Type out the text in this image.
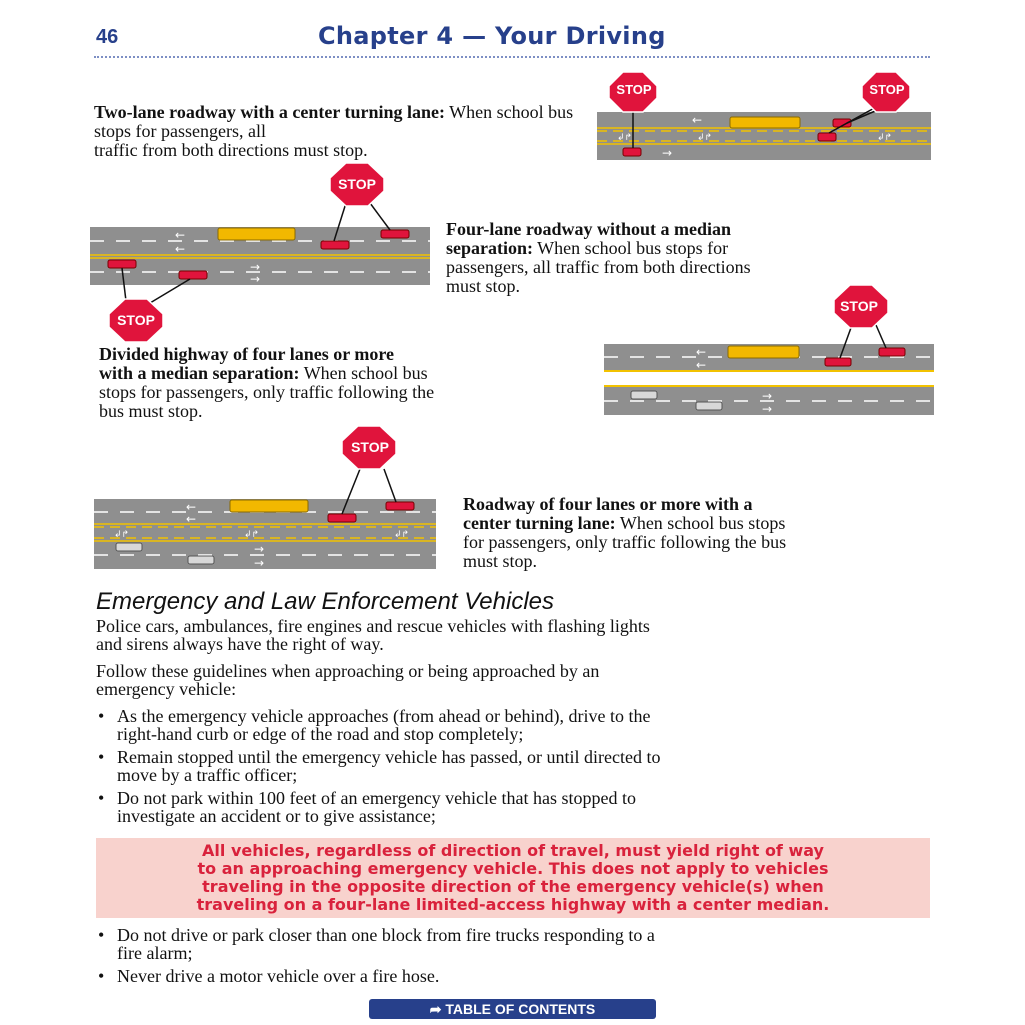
46	Chapter 4 — Your Driving
Two-lane roadway with a center turning lane: When school bus stops for passengers, all
traffic from both directions must stop.
←
→
↲↱	↲↱	↲↱
STOP	STOP
←
←
→
→
STOP
STOP
Four-lane roadway without a median
separation: When school bus stops for
passengers, all traffic from both directions
must stop.
Divided highway of four lanes or more
with a median separation: When school bus
stops for passengers, only traffic following the
bus must stop.
←
←
→
→
STOP
←
←
↲↱	↲↱	↲↱
→
→
STOP
Roadway of four lanes or more with a
center turning lane: When school bus stops
for passengers, only traffic following the bus
must stop.
Emergency and Law Enforcement Vehicles
Police cars, ambulances, fire engines and rescue vehicles with flashing lights
and sirens always have the right of way.
Follow these guidelines when approaching or being approached by an
emergency vehicle:
• As the emergency vehicle approaches (from ahead or behind), drive to the
right-hand curb or edge of the road and stop completely;
• Remain stopped until the emergency vehicle has passed, or until directed to
move by a traffic officer;
• Do not park within 100 feet of an emergency vehicle that has stopped to
investigate an accident or to give assistance;
All vehicles, regardless of direction of travel, must yield right of way
to an approaching emergency vehicle. This does not apply to vehicles
traveling in the opposite direction of the emergency vehicle(s) when
traveling on a four-lane limited-access highway with a center median.
• Do not drive or park closer than one block from fire trucks responding to a
fire alarm;
• Never drive a motor vehicle over a fire hose.
➦ TABLE OF CONTENTS
